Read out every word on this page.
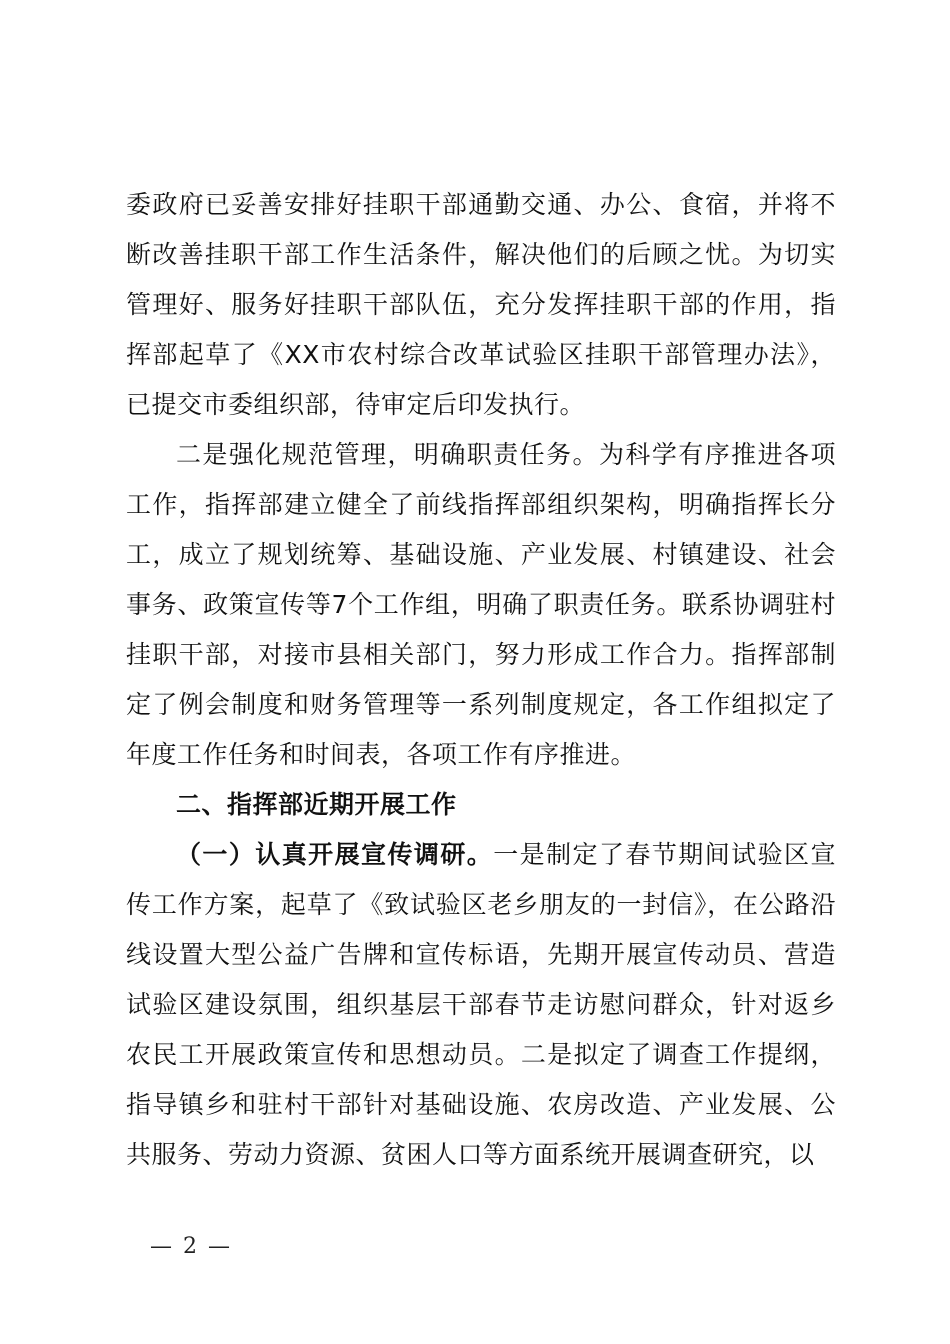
委政府已妥善安排好挂职干部通勤交通、办公、食宿，并将不断改善挂职干部工作生活条件，解决他们的后顾之忧。为切实管理好、服务好挂职干部队伍，充分发挥挂职干部的作用，指挥部起草了《XX市农村综合改革试验区挂职干部管理办法》，已提交市委组织部，待审定后印发执行。

二是强化规范管理，明确职责任务。为科学有序推进各项工作，指挥部建立健全了前线指挥部组织架构，明确指挥长分工，成立了规划统筹、基础设施、产业发展、村镇建设、社会事务、政策宣传等7个工作组，明确了职责任务。联系协调驻村挂职干部，对接市县相关部门，努力形成工作合力。指挥部制定了例会制度和财务管理等一系列制度规定，各工作组拟定了年度工作任务和时间表，各项工作有序推进。

二、指挥部近期开展工作

（一）认真开展宣传调研。一是制定了春节期间试验区宣传工作方案，起草了《致试验区老乡朋友的一封信》，在公路沿线设置大型公益广告牌和宣传标语，先期开展宣传动员、营造试验区建设氛围，组织基层干部春节走访慰问群众，针对返乡农民工开展政策宣传和思想动员。二是拟定了调查工作提纲，指导镇乡和驻村干部针对基础设施、农房改造、产业发展、公共服务、劳动力资源、贫困人口等方面系统开展调查研究，以

— 2 —
